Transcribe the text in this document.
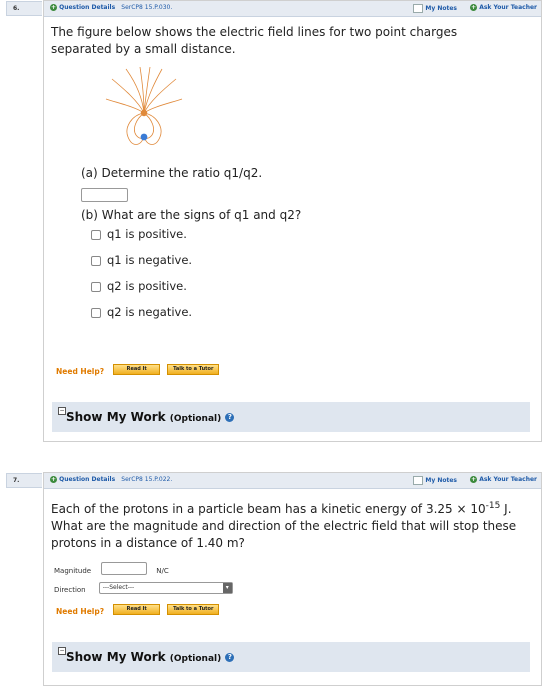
6.	+ Question Details SerCP8 15.P.030.	My Notes + Ask Your Teacher
The figure below shows the electric field lines for two point charges
separated by a small distance.
(a) Determine the ratio q1/q2.
(b) What are the signs of q1 and q2?
q1 is positive.
q1 is negative.
q2 is positive.
q2 is negative.
Need Help?	Read It	Talk to a Tutor
− Show My Work (Optional) ?
7.	+ Question Details SerCP8 15.P.022.	My Notes + Ask Your Teacher
Each of the protons in a particle beam has a kinetic energy of $3.25 \times 10^{-15}$ J.
What are the magnitude and direction of the electric field that will stop these
protons in a distance of 1.40 m?
Magnitude	N/C
Direction	---Select---	▾
Need Help?	Read It	Talk to a Tutor
− Show My Work (Optional) ?
